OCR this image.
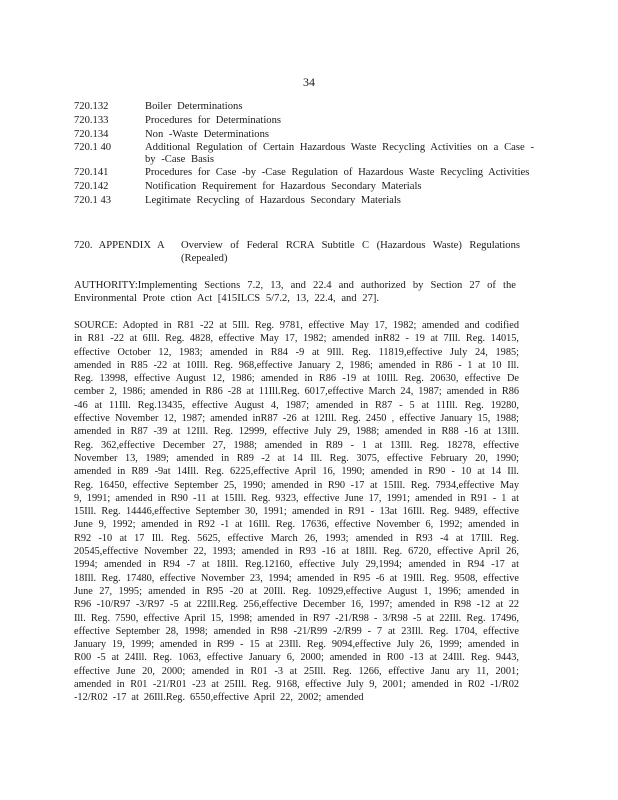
34
720.132	Boiler Determinations
720.133	Procedures for Determinations
720.134	Non -Waste Determinations
720.1 40	Additional Regulation of Certain Hazardous Waste Recycling Activities on a Case -by -Case Basis
720.141	Procedures for Case -by -Case Regulation of Hazardous Waste Recycling Activities
720.142	Notification Requirement for Hazardous Secondary Materials
720.1 43	Legitimate Recycling of Hazardous Secondary Materials
720. APPENDIX A	Overview of Federal RCRA Subtitle C (Hazardous Waste) Regulations (Repealed)
AUTHORITY:Implementing Sections 7.2, 13, and 22.4 and authorized by Section 27 of the Environmental Prote ction Act [415ILCS 5/7.2, 13, 22.4, and 27].
SOURCE: Adopted in R81 -22 at 5Ill. Reg. 9781, effective May 17, 1982; amended and codified in R81 -22 at 6Ill. Reg. 4828, effective May 17, 1982; amended inR82 - 19 at 7Ill. Reg. 14015, effective October 12, 1983; amended in R84 -9 at 9Ill. Reg. 11819,effective July 24, 1985; amended in R85 -22 at 10Ill. Reg. 968,effective January 2, 1986; amended in R86 - 1 at 10 Ill. Reg. 13998, effective August 12, 1986; amended in R86 -19 at 10Ill. Reg. 20630, effective De cember 2, 1986; amended in R86 -28 at 11Ill.Reg. 6017,effective March 24, 1987; amended in R86 -46 at 11Ill. Reg.13435, effective August 4, 1987; amended in R87 - 5 at 11Ill. Reg. 19280, effective November 12, 1987; amended inR87 -26 at 12Ill. Reg. 2450 , effective January 15, 1988; amended in R87 -39 at 12Ill. Reg. 12999, effective July 29, 1988; amended in R88 -16 at 13Ill. Reg. 362,effective December 27, 1988; amended in R89 - 1 at 13Ill. Reg. 18278, effective November 13, 1989; amended in R89 -2 at 14 Ill. Reg. 3075, effective February 20, 1990; amended in R89 -9at 14Ill. Reg. 6225,effective April 16, 1990; amended in R90 - 10 at 14 Ill. Reg. 16450, effective September 25, 1990; amended in R90 -17 at 15Ill. Reg. 7934,effective May 9, 1991; amended in R90 -11 at 15Ill. Reg. 9323, effective June 17, 1991; amended in R91 - 1 at 15Ill. Reg. 14446,effective September 30, 1991; amended in R91 - 13at 16Ill. Reg. 9489, effective June 9, 1992; amended in R92 -1 at 16Ill. Reg. 17636, effective November 6, 1992; amended in R92 -10 at 17 Ill. Reg. 5625, effective March 26, 1993; amended in R93 -4 at 17Ill. Reg. 20545,effective November 22, 1993; amended in R93 -16 at 18Ill. Reg. 6720, effective April 26, 1994; amended in R94 -7 at 18Ill. Reg.12160, effective July 29,1994; amended in R94 -17 at 18Ill. Reg. 17480, effective November 23, 1994; amended in R95 -6 at 19Ill. Reg. 9508, effective June 27, 1995; amended in R95 -20 at 20Ill. Reg. 10929,effective August 1, 1996; amended in R96 -10/R97 -3/R97 -5 at 22Ill.Reg. 256,effective December 16, 1997; amended in R98 -12 at 22 Ill. Reg. 7590, effective April 15, 1998; amended in R97 -21/R98 - 3/R98 -5 at 22Ill. Reg. 17496, effective September 28, 1998; amended in R98 -21/R99 -2/R99 - 7 at 23Ill. Reg. 1704, effective January 19, 1999; amended in R99 - 15 at 23Ill. Reg. 9094,effective July 26, 1999; amended in R00 -5 at 24Ill. Reg. 1063, effective January 6, 2000; amended in R00 -13 at 24Ill. Reg. 9443, effective June 20, 2000; amended in R01 -3 at 25Ill. Reg. 1266, effective Janu ary 11, 2001; amended in R01 -21/R01 -23 at 25Ill. Reg. 9168, effective July 9, 2001; amended in R02 -1/R02 -12/R02 -17 at 26Ill.Reg. 6550,effective April 22, 2002; amended
